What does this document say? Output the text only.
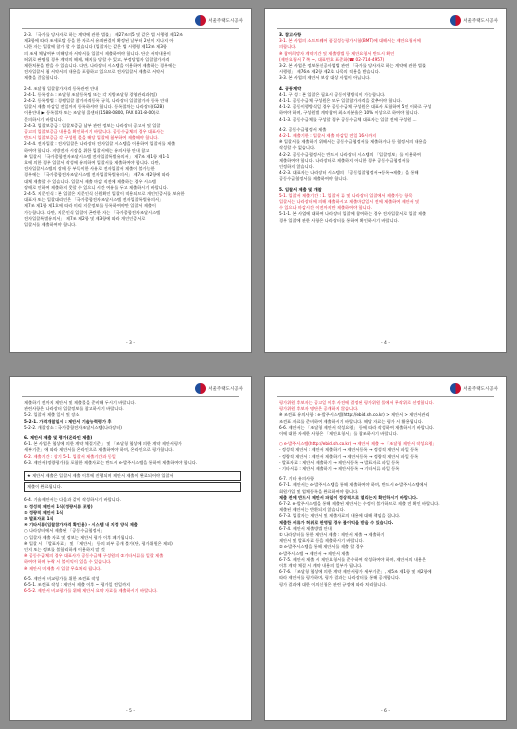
서울주택도시공사
2-3. 「국가를 당사자로 하는 계약에 관한 법률」 제27조의5 및 같은 법 시행령 제12조
제3항에 따라 조세포탈 등을 한 자로서 유죄판결이 확정된 날부터 2년이 지나지 아
니한 자는 입찰에 참가 할 수 없습니다 (입찰자는 같은 법 시행령 제12조 제3항
의 조세 체납여부 미해당자 서약서를 입찰시 제출하여야 합니다. 단순 서약내용이
허위로 판명될 경우 계약의 해제, 해지를 당할 수 있고, 부정당업자 입찰참가자격
제한처분을 받을 수 있습니다. 다만, 나라장터 시스템을 이용하여 제출하는 경우에는
전자입찰서 첨 서약서의 내용을 포함하고 있으므로 전자입찰서 제출로 서약서
제출을 갈음합니다.
2-4. 조달청 입찰참가자격 등록관련 안내
2-4-1. 등록장소 : 조달청 조달등록팀 또는 각 지방조달청 경영관리과(팀)
2-4-2. 등록방법 : 경쟁입찰 참가자격등록 규칙, 나라장터 입찰참가자 등록 안내
입찰서 제출 마감일 전일까지 등록하셔야 합니다. 등록절차는 나라장터(G2B)
이용안내 ▶ 등록절차 또는 조달청 콜센터(1588-0800, FAX 031-8-00)로
문의하시기 바랍니다.
2-4-3. 입찰보증금 : 입찰보증금 납부 관련 정보는 나라장터 공고서 및 입찰
공고의 입찰보증금 내용을 확인하시기 바랍니다. 공동수급체의 경우 대표사는
반드시 입찰보증금 각 구성원 몫을 해당 입찰에 첨부하여 제출해야 합니다.
2-4-4. 전자입찰 : 전자입찰은 나라장터 전자입찰 시스템을 이용하여 입찰서를 제출
하여야 합니다. 지방전자 시장을 위한 입찰서에는 유의사항 안내 참고
※ 입찰서 「국가종합전자조달시스템 전자입찰특별유의서」 제7조 제1항 제1-1
호에 의한 경우 입찰서 작성에 유의하여 입찰서를 제출하여야 합니다. 다만,
전자입찰시스템의 장애 등 부득이한 사유로 전자입찰서 제출이 불가능한
경우에는 「국가종합전자조달시스템 전자입찰특별유의서」 제7조 제2항에 따라
대체 제출할 수 있습니다. 입찰서 제출 마감 직전에 제출하는 경우 시스템
장애로 인하여 제출하지 못할 수 있으니 시간 여유를 두고 제출하시기 바랍니다.
2-4-5. 지문인식 : 본 입찰은 지문인식 신원확인 입찰이 적용되므로 개인인증서를 보유한
대표자 또는 입찰대리인은 「국가종합전자조달시스템 전자입찰특별유의서」
제7조 제1항 제1호에 따라 미리 지문정보를 등록하여야만 입찰서 제출이
가능합니다. 다만, 지문인식 입찰이 곤란한 자는 「국가종합전자조달시스템
전자입찰특별유의서」 제7조 제2항 및 제3항에 따라 개인인증서로
입찰서를 제출하여야 합니다.
- 3 -
서울주택도시공사
3. 참고사항
3-1. 본 사업의 소프트웨어 품질성능평가시험(BMT)에 대해서는 제안요청서에
의합니다.
※ 참여희망자 계약기간 및 제출방법 등 제안요청서 반드시 확인
(제안요청서 7 쪽 ~, 대표번호 표준화(☎ 02-714-4957)
3-2. 본 사업은 정보통신공사업법 관련 「국가를 당사자로 하는 계약에 관한 법률
시행령」 제76조 제2항 제2호 나목의 적용을 받습니다.
3-3. 본 사업의 제안서 보상 대상 사업이 아닙니다.
4. 공동계약
4-1. 구 성 : 본 입찰은 필요시 공동이행방식이 가능합니다.
4-1-1. 공동수급체 구성원은 모두 입찰참가자격을 갖추어야 합니다.
4-1-2. 공동이행방식일 경우 공동수급체 구성원은 대표사 포함하여 5인 이하로 구성
하여야 하며, 구성원별 계약참여 최소지분율은 10% 이상으로 하여야 합니다.
4-1-3. 공동수급체를 구성할 경우 공동수급체 대표자는 입찰 전에 구성원 ...
4-2. 공동수급협정서 제출
4-2-1. 제출기한 : 입찰서 제출 마감일 전일 16시까지
※ 입찰서를 제출하기 위해서는 공동수급협정서를 제출하거나 등 협정서의 내용을
작성할 수 없습니다.
4-2-2. 공동수급협정서는 반드시 나라장터 시스템의 「입찰정보」를 이용하여
제출하여야 합니다. 나라장터로 제출하지 아니한 경우 공동수급협정서를
인정하지 않습니다.
4-2-3. 대표자는 나라장터 시스템의 「공동입찰협정서→등록→제출」을 통해
공동수급협정서를 제출하여야 합니다.
5. 입찰서 제출 및 개찰
5-1. 입찰서 제출기간 : 1. 입찰서 류 및 나라장터 입찰에서 제출가능 항목
입찰서는 나라장터에 의해 제출하시고 제출마감일시 전에 제출하여 제안서 및
수 있으나 마감시간 이전까지만 제출하여야 합니다.
5-1-1. 본 사업에 대하여 나라장터 입찰에 참여하는 경우 전자입찰서로 입찰 제출
경우 입찰에 관한 사항은 나라장터를 통하여 확인하시기 바랍니다.
- 4 -
서울주택도시공사
제출하기 전까지 제안서 및 제출물을 준비해 두시기 바랍니다.
관련사항은 나라장터 입찰정보를 참고하시기 바랍니다.
5-2. 입찰서 제출 일시 및 장소
5-2-1. 가격개찰일시 : 제안서 기술능력평가 후
5-2-2. 개찰장소 : 국가종합전자조달시스템(나라장터)
6. 제안서 제출 및 평가(온라인 제출)
6-1. 본 사업은 협상에 의한 계약 체결기준」 및 「조달청 협상에 의한 계약 제안서평가
세부기준」에 따라 제안서를 온라인으로 제출하여야 하며, 온라인으로 평가합니다.
6-2. 제출기간 : 상기 5-1. 입찰서 제출기간과 동일
6-3. 제안서(정량평가)를 포함한 제출자료는 반드시 e-발주시스템을 통하여 제출하여야 합니다.
★ 제안서 제출은 입찰서 제출 이후에 진행되며 제안서 제출이 완료되어야 입찰서
제출이 완료됩니다.
6-4. 기술제안서는 다음과 같이 작성하시기 바랍니다.
① 정성적 제안서 1식(정량서류 포함)
② 정량적 제안서 1식
③ 발표자료 1식
④ 기타서류(입찰참가자격 확인용) - 시스템 내 지정 양식 제출
○ 나라장터에서 제출된 「공동수급협정서」
○ 입찰자 제출 자료 및 정보는 제안서 평가 이후 폐기됩니다.
※ 입찰 시 「발표자료」 및 「제안서」 등의 외부 공개 불가(단, 평가위원은 제외)
인지 또는 정보를 불합리하게 이용하지 말 것
※ 공동수급체의 경우 대표사가 공동수급체 구성원의 ②기타서류를 일괄 제출
하여야 하며 누락 시 불이익이 있을 수 있습니다.
※ 제안서 미제출 시 입찰 무효처리 됩니다.
6-5. 제안서 비교평가를 위한 조견표 작성
6-5-1. 조견표 작성 : 제안서 제출 이후 ~ 평가일 전일까지
6-5-2. 제안서 비교평가를 위해 제안서 요약 자료를 제출하시기 바랍니다.
- 5 -
서울주택도시공사
평가위원 후보자는 공고일 이후 사전에 결정된 평가위원 풀에서 무작위로 선정합니다.
평가위원 후보자 명단은 공개하지 않습니다.
※ 조견표 유의사항 : e-발주시스템(http://ebid.sh.co.kr) > 제안서 > 제안서관리
조견표 자료를 준비하여 제출하시기 바랍니다. 해당 자료는 평가 시 활용됩니다.
6-6. 제안서는 「조달청 제안서 작성요령」 등에 따라 작성하여 제출하시기 바랍니다.
이에 대한 자세한 사항은 「제안요청서」를 참조하시기 바랍니다.
○ e-발주시스템(http://ebid.sh.co.kr) → 제안서 제출 → 「조달청 제안서 작성요령」
- 정성적 제안서 : 제안서 제출하기 → 제안서등록 → 정성적 제안서 파일 등록
- 정량적 제안서 : 제안서 제출하기 → 제안서등록 → 정량적 제안서 파일 등록
- 발표자료 : 제안서 제출하기 → 제안서등록 → 발표자료 파일 등록
- 기타서류 : 제안서 제출하기 → 제안서등록 → 기타서류 파일 등록
6-7. 기타 유의사항
6-7-1. 제안서는 e-발주시스템을 통해 제출하여야 하며, 반드시 e-발주시스템에서
회원가입 및 업체등록을 완료하여야 합니다.
제출 전에 반드시 제안서 파일이 정상적으로 열리는지 확인하시기 바랍니다.
6-7-2. e-발주시스템을 통해 제출된 제안서는 수정이 불가하므로 제출 전 확인 바랍니다.
제출된 제안서는 반환되지 않습니다.
6-7-3. 입찰자는 제안서 및 제출자료의 내용에 대해 책임을 집니다.
제출한 서류가 허위로 판명될 경우 불이익을 받을 수 있습니다.
6-7-4. 제안서 제출방법 안내
① 나라장터를 통한 제안서 제출 : 제안서 제출 → 제출하기
제안서 및 발표자료 등을 제출하시기 바랍니다.
② e-발주시스템을 통해 제안서를 제출 할 경우
e-발주시스템 → 제안서 → 제안서 제출
6-7-5. 제안서 제출 시 제안요청서를 준수하여 작성하여야 하며, 제안서의 내용은
이후 계약 체결 시 계약 내용의 일부가 됩니다.
6-7-6. 「조달청 협상에 의한 계약 제안서평가 세부기준」, 제5조 제1항 및 제2항에
따라 제안서를 평가하며, 평가 결과는 나라장터를 통해 공개합니다.
평가 결과에 대한 이의신청은 관련 규정에 따라 처리합니다.
- 6 -
